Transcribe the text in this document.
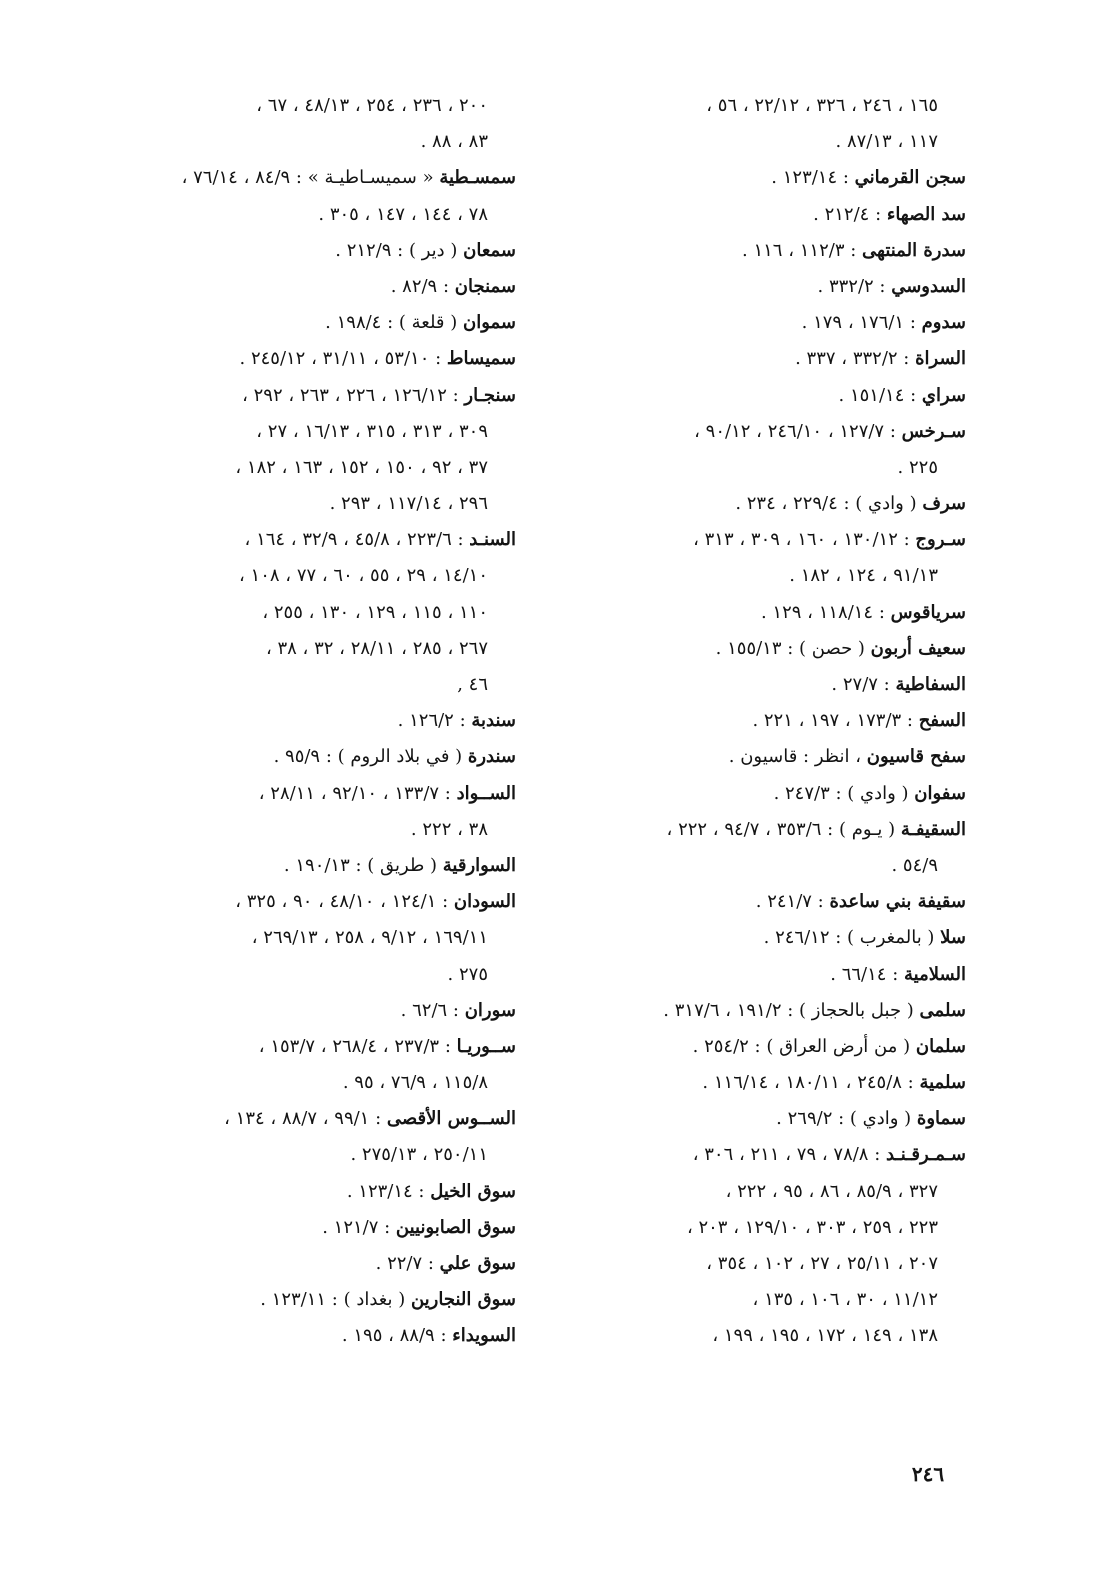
١٦٥ ، ٢٤٦ ، ٣٢٦ ، ٢٢/١٢ ، ٥٦ ،
١١٧ ، ٨٧/١٣ .
سجن القرماني : ١٢٣/١٤ .
سد الصهاء : ٢١٢/٤ .
سدرة المنتهى : ١١٢/٣ ، ١١٦ .
السدوسي : ٣٣٢/٢ .
سدوم : ١٧٦/١ ، ١٧٩ .
السراة : ٣٣٢/٢ ، ٣٣٧ .
سراي : ١٥١/١٤ .
سـرخس : ١٢٧/٧ ، ٢٤٦/١٠ ، ٩٠/١٢ ،
٢٢٥ .
سرف ( وادي ) : ٢٢٩/٤ ، ٢٣٤ .
سـروج : ١٣٠/١٢ ، ١٦٠ ، ٣٠٩ ، ٣١٣ ،
٩١/١٣ ، ١٢٤ ، ١٨٢ .
سرياقوس : ١١٨/١٤ ، ١٢٩ .
سعيف أربون ( حصن ) : ١٥٥/١٣ .
السفاطية : ٢٧/٧ .
السفح : ١٧٣/٣ ، ١٩٧ ، ٢٢١ .
سفح قاسيون ، انظر : قاسيون .
سفوان ( وادي ) : ٢٤٧/٣ .
السقيفـة ( يـوم ) : ٣٥٣/٦ ، ٩٤/٧ ، ٢٢٢ ،
٥٤/٩ .
سقيفة بني ساعدة : ٢٤١/٧ .
سلا ( بالمغرب ) : ٢٤٦/١٢ .
السلامية : ٦٦/١٤ .
سلمى ( جبل بالحجاز ) : ١٩١/٢ ، ٣١٧/٦ .
سلمان ( من أرض العراق ) : ٢٥٤/٢ .
سلمية : ٢٤٥/٨ ، ١٨٠/١١ ، ١١٦/١٤ .
سماوة ( وادي ) : ٢٦٩/٢ .
سـمـرقـنـد : ٧٨/٨ ، ٧٩ ، ٢١١ ، ٣٠٦ ،
٣٢٧ ، ٨٥/٩ ، ٨٦ ، ٩٥ ، ٢٢٢ ،
٢٢٣ ، ٢٥٩ ، ٣٠٣ ، ١٢٩/١٠ ، ٢٠٣ ،
٢٠٧ ، ٢٥/١١ ، ٢٧ ، ١٠٢ ، ٣٥٤ ،
١١/١٢ ، ٣٠ ، ١٠٦ ، ١٣٥ ،
١٣٨ ، ١٤٩ ، ١٧٢ ، ١٩٥ ، ١٩٩ ،
٢٠٠ ، ٢٣٦ ، ٢٥٤ ، ٤٨/١٣ ، ٦٧ ،
٨٣ ، ٨٨ .
سمسـطية « سميسـاطيـة » : ٨٤/٩ ، ٧٦/١٤ ،
٧٨ ، ١٤٤ ، ١٤٧ ، ٣٠٥ .
سمعان ( دير ) : ٢١٢/٩ .
سمنجان : ٨٢/٩ .
سموان ( قلعة ) : ١٩٨/٤ .
سميساط : ٥٣/١٠ ، ٣١/١١ ، ٢٤٥/١٢ .
سنجـار : ١٢٦/١٢ ، ٢٢٦ ، ٢٦٣ ، ٢٩٢ ،
٣٠٩ ، ٣١٣ ، ٣١٥ ، ١٦/١٣ ، ٢٧ ،
٣٧ ، ٩٢ ، ١٥٠ ، ١٥٢ ، ١٦٣ ، ١٨٢ ،
٢٩٦ ، ١١٧/١٤ ، ٢٩٣ .
السنـد : ٢٢٣/٦ ، ٤٥/٨ ، ٣٢/٩ ، ١٦٤ ،
١٤/١٠ ، ٢٩ ، ٥٥ ، ٦٠ ، ٧٧ ، ١٠٨ ،
١١٠ ، ١١٥ ، ١٢٩ ، ١٣٠ ، ٢٥٥ ،
٢٦٧ ، ٢٨٥ ، ٢٨/١١ ، ٣٢ ، ٣٨ ،
٤٦ ,
سندبة : ١٢٦/٢ .
سندرة ( في بلاد الروم ) : ٩٥/٩ .
الســواد : ١٣٣/٧ ، ٩٢/١٠ ، ٢٨/١١ ،
٣٨ ، ٢٢٢ .
السوارقية ( طريق ) : ١٩٠/١٣ .
السودان : ١٢٤/١ ، ٤٨/١٠ ، ٩٠ ، ٣٢٥ ،
١٦٩/١١ ، ٩/١٢ ، ٢٥٨ ، ٢٦٩/١٣ ،
٢٧٥ .
سوران : ٦٢/٦ .
ســوريـا : ٢٣٧/٣ ، ٢٦٨/٤ ، ١٥٣/٧ ،
١١٥/٨ ، ٧٦/٩ ، ٩٥ .
الســوس الأقصى : ٩٩/١ ، ٨٨/٧ ، ١٣٤ ،
٢٥٠/١١ ، ٢٧٥/١٣ .
سوق الخيل : ١٢٣/١٤ .
سوق الصابونيين : ١٢١/٧ .
سوق علي : ٢٢/٧ .
سوق النجارين ( بغداد ) : ١٢٣/١١ .
السويداء : ٨٨/٩ ، ١٩٥ .
٢٤٦
